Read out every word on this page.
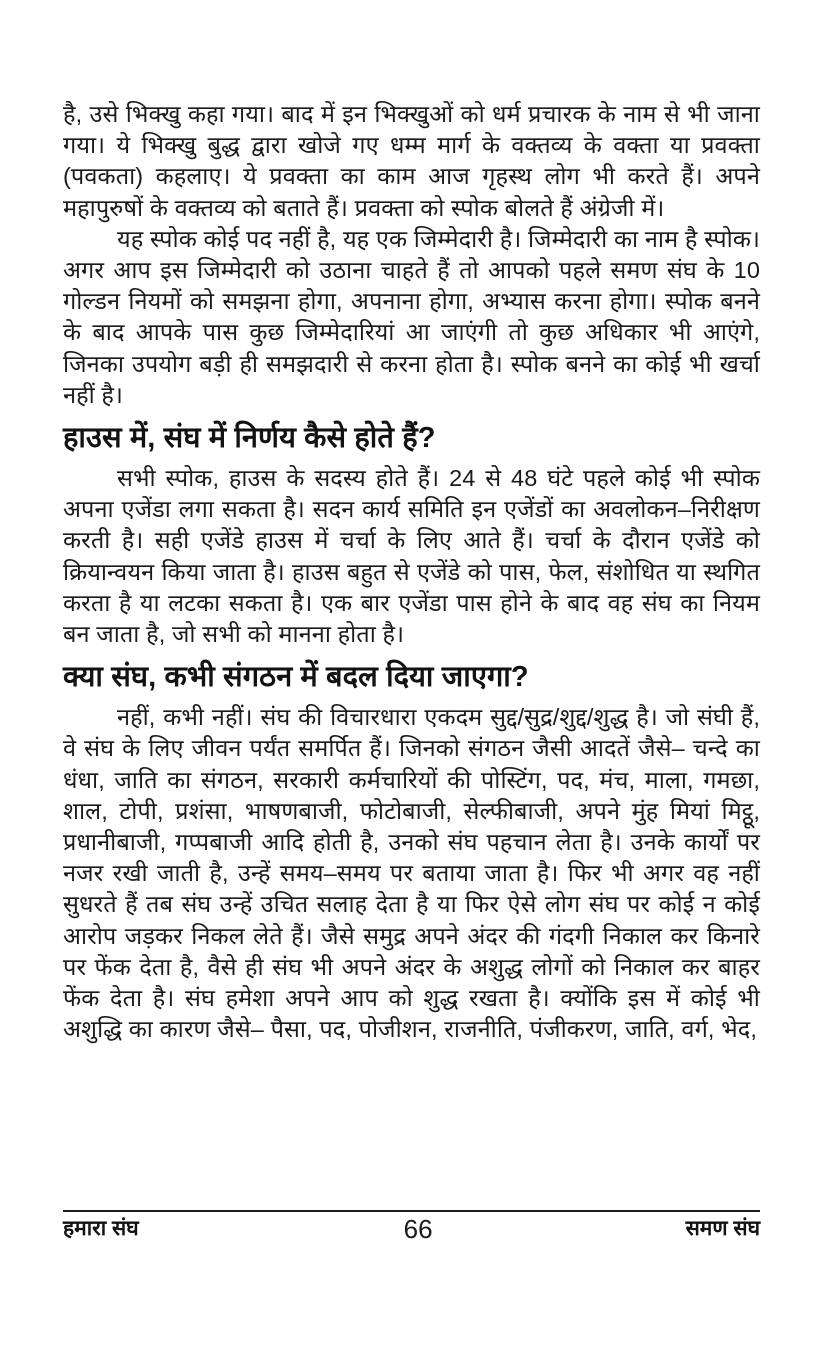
है, उसे भिक्खु कहा गया। बाद में इन भिक्खुओं को धर्म प्रचारक के नाम से भी जाना गया। ये भिक्खु बुद्ध द्वारा खोजे गए धम्म मार्ग के वक्तव्य के वक्ता या प्रवक्ता (पवकता) कहलाए। ये प्रवक्ता का काम आज गृहस्थ लोग भी करते हैं। अपने महापुरुषों के वक्तव्य को बताते हैं। प्रवक्ता को स्पोक बोलते हैं अंग्रेजी में।

यह स्पोक कोई पद नहीं है, यह एक जिम्मेदारी है। जिम्मेदारी का नाम है स्पोक। अगर आप इस जिम्मेदारी को उठाना चाहते हैं तो आपको पहले समण संघ के 10 गोल्डन नियमों को समझना होगा, अपनाना होगा, अभ्यास करना होगा। स्पोक बनने के बाद आपके पास कुछ जिम्मेदारियां आ जाएंगी तो कुछ अधिकार भी आएंगे, जिनका उपयोग बड़ी ही समझदारी से करना होता है। स्पोक बनने का कोई भी खर्चा नहीं है।

हाउस में, संघ में निर्णय कैसे होते हैं?

सभी स्पोक, हाउस के सदस्य होते हैं। 24 से 48 घंटे पहले कोई भी स्पोक अपना एजेंडा लगा सकता है। सदन कार्य समिति इन एजेंडों का अवलोकन–निरीक्षण करती है। सही एजेंडे हाउस में चर्चा के लिए आते हैं। चर्चा के दौरान एजेंडे को क्रियान्वयन किया जाता है। हाउस बहुत से एजेंडे को पास, फेल, संशोधित या स्थगित करता है या लटका सकता है। एक बार एजेंडा पास होने के बाद वह संघ का नियम बन जाता है, जो सभी को मानना होता है।

क्या संघ, कभी संगठन में बदल दिया जाएगा?

नहीं, कभी नहीं। संघ की विचारधारा एकदम सुद्द/सुद्र/शुद्द/शुद्ध है। जो संघी हैं, वे संघ के लिए जीवन पर्यंत समर्पित हैं। जिनको संगठन जैसी आदतें जैसे– चन्दे का धंधा, जाति का संगठन, सरकारी कर्मचारियों की पोस्टिंग, पद, मंच, माला, गमछा, शाल, टोपी, प्रशंसा, भाषणबाजी, फोटोबाजी, सेल्फीबाजी, अपने मुंह मियां मिट्ठू, प्रधानीबाजी, गप्पबाजी आदि होती है, उनको संघ पहचान लेता है। उनके कार्यों पर नजर रखी जाती है, उन्हें समय–समय पर बताया जाता है। फिर भी अगर वह नहीं सुधरते हैं तब संघ उन्हें उचित सलाह देता है या फिर ऐसे लोग संघ पर कोई न कोई आरोप जड़कर निकल लेते हैं। जैसे समुद्र अपने अंदर की गंदगी निकाल कर किनारे पर फेंक देता है, वैसे ही संघ भी अपने अंदर के अशुद्ध लोगों को निकाल कर बाहर फेंक देता है। संघ हमेशा अपने आप को शुद्ध रखता है। क्योंकि इस में कोई भी अशुद्धि का कारण जैसे– पैसा, पद, पोजीशन, राजनीति, पंजीकरण, जाति, वर्ग, भेद,

हमारा संघ	66	समण संघ
